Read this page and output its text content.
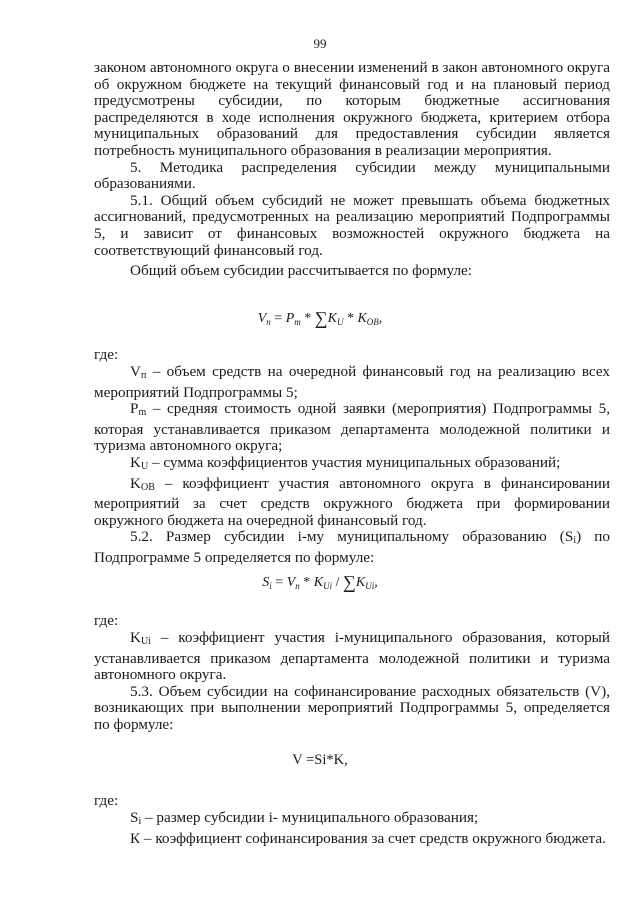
99

законом автономного округа о внесении изменений в закон автономного округа об окружном бюджете на текущий финансовый год и на плановый период предусмотрены субсидии, по которым бюджетные ассигнования распределяются в ходе исполнения окружного бюджета, критерием отбора муниципальных образований для предоставления субсидии является потребность муниципального образования в реализации мероприятия.

5. Методика распределения субсидии между муниципальными образованиями.

5.1. Общий объем субсидий не может превышать объема бюджетных ассигнований, предусмотренных на реализацию мероприятий Подпрограммы 5, и зависит от финансовых возможностей окружного бюджета на соответствующий финансовый год.

Общий объем субсидии рассчитывается по формуле:

$V_п = P_m * \sum K_U * K_{OB}$,
где:

$V_п$ – объем средств на очередной финансовый год на реализацию всех мероприятий Подпрограммы 5;

$P_m$ – средняя стоимость одной заявки (мероприятия) Подпрограммы 5, которая устанавливается приказом департамента молодежной политики и туризма автономного округа;

$K_U$ – сумма коэффициентов участия муниципальных образований;

$K_{OB}$ – коэффициент участия автономного округа в финансировании мероприятий за счет средств окружного бюджета при формировании окружного бюджета на очередной финансовый год.

5.2. Размер субсидии i-му муниципальному образованию $(S_i)$ по Подпрограмме 5 определяется по формуле:

$S_i = V_п * K_{Ui} / \sum K_{Ui}$,
где:

$K_{Ui}$ – коэффициент участия i-муниципального образования, который устанавливается приказом департамента молодежной политики и туризма автономного округа.

5.3. Объем субсидии на софинансирование расходных обязательств (V), возникающих при выполнении мероприятий Подпрограммы 5, определяется по формуле:

V =Si*K,
где:

$S_i$ – размер субсидии i- муниципального образования;

К – коэффициент софинансирования за счет средств окружного бюджета.
